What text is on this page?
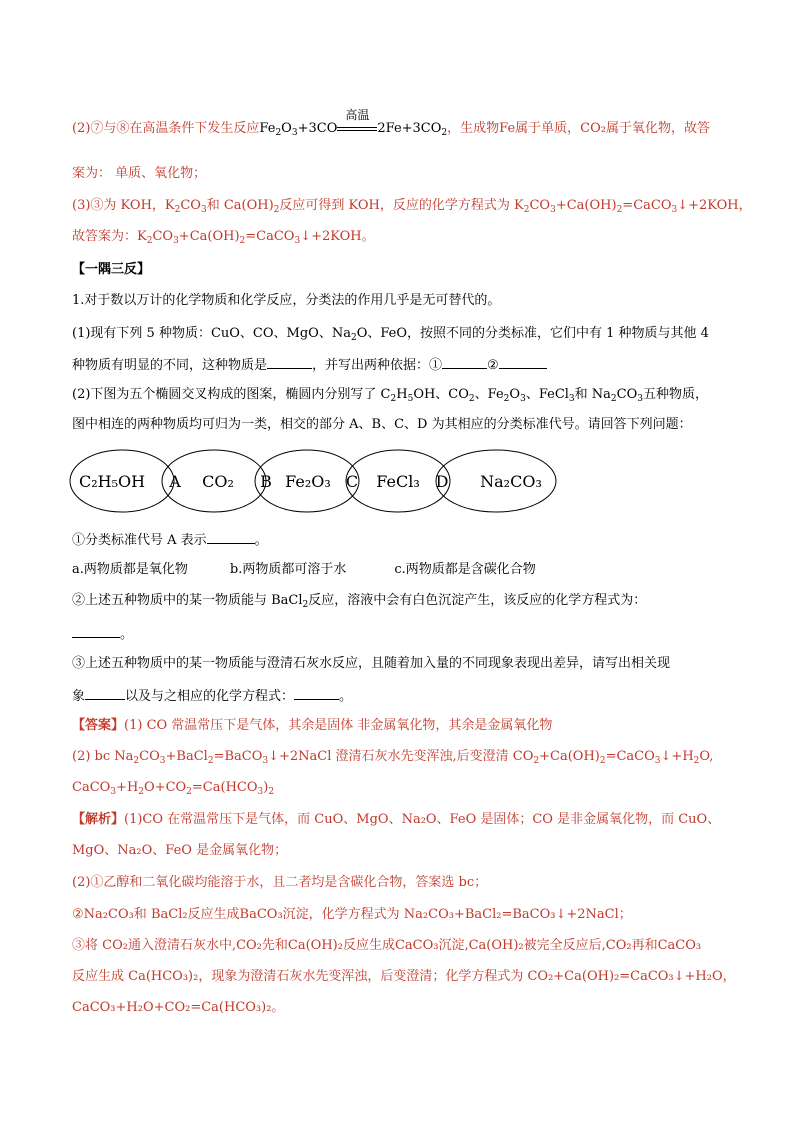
(2)⑦与⑧在高温条件下发生反应$Fe_2O_3+3CO$
高温
$2Fe+3CO_2$，生成物Fe属于单质，CO₂属于氧化物，故答
案为： 单质、氧化物；
(3)③为 KOH，$K_2CO_3$和 $Ca(OH)_2$反应可得到 KOH，反应的化学方程式为 $K_2CO_3+Ca(OH)_2=CaCO_3↓+2KOH$，
故答案为：$K_2CO_3+Ca(OH)_2=CaCO_3↓+2KOH$。
【一隅三反】
1.对于数以万计的化学物质和化学反应，分类法的作用几乎是无可替代的。
(1)现有下列 5 种物质：CuO、CO、MgO、$Na_2O$、FeO，按照不同的分类标准，它们中有 1 种物质与其他 4
种物质有明显的不同，这种物质是	，并写出两种依据：①	②
(2)下图为五个椭圆交叉构成的图案，椭圆内分别写了 $C_2H_5OH$、$CO_2$、$Fe_2O_3$、FeCl$_3$和 $Na_2CO_3$五种物质，
图中相连的两种物质均可归为一类，相交的部分 A、B、C、D 为其相应的分类标准代号。请回答下列问题：
C₂H₅OH	CO₂	Fe₂O₃	FeCl₃	Na₂CO₃
A	B	C	D
①分类标准代号 A 表示	。
a.两物质都是氧化物	b.两物质都可溶于水	c.两物质都是含碳化合物
②上述五种物质中的某一物质能与 BaCl$_2$反应，溶液中会有白色沉淀产生，该反应的化学方程式为：
。
③上述五种物质中的某一物质能与澄清石灰水反应，且随着加入量的不同现象表现出差异，请写出相关现
象	以及与之相应的化学方程式：	。
【答案】(1) CO 常温常压下是气体，其余是固体 非金属氧化物，其余是金属氧化物
(2) bc $Na_2CO_3+BaCl_2=BaCO_3↓+2NaCl$ 澄清石灰水先变浑浊,后变澄清 $CO_2+Ca(OH)_2=CaCO_3↓+H_2O$,
$CaCO_3+H_2O+CO_2=Ca(HCO_3)_2$
【解析】(1)CO 在常温常压下是气体，而 CuO、MgO、Na₂O、FeO 是固体；CO 是非金属氧化物，而 CuO、
MgO、Na₂O、FeO 是金属氧化物；
(2)①乙醇和二氧化碳均能溶于水，且二者均是含碳化合物，答案选 bc；
②Na₂CO₃和 BaCl₂反应生成BaCO₃沉淀，化学方程式为 Na₂CO₃+BaCl₂=BaCO₃↓+2NaCl；
③将 CO₂通入澄清石灰水中,CO₂先和Ca(OH)₂反应生成CaCO₃沉淀,Ca(OH)₂被完全反应后,CO₂再和CaCO₃
反应生成 Ca(HCO₃)₂，现象为澄清石灰水先变浑浊，后变澄清；化学方程式为 CO₂+Ca(OH)₂=CaCO₃↓+H₂O，
CaCO₃+H₂O+CO₂=Ca(HCO₃)₂。
